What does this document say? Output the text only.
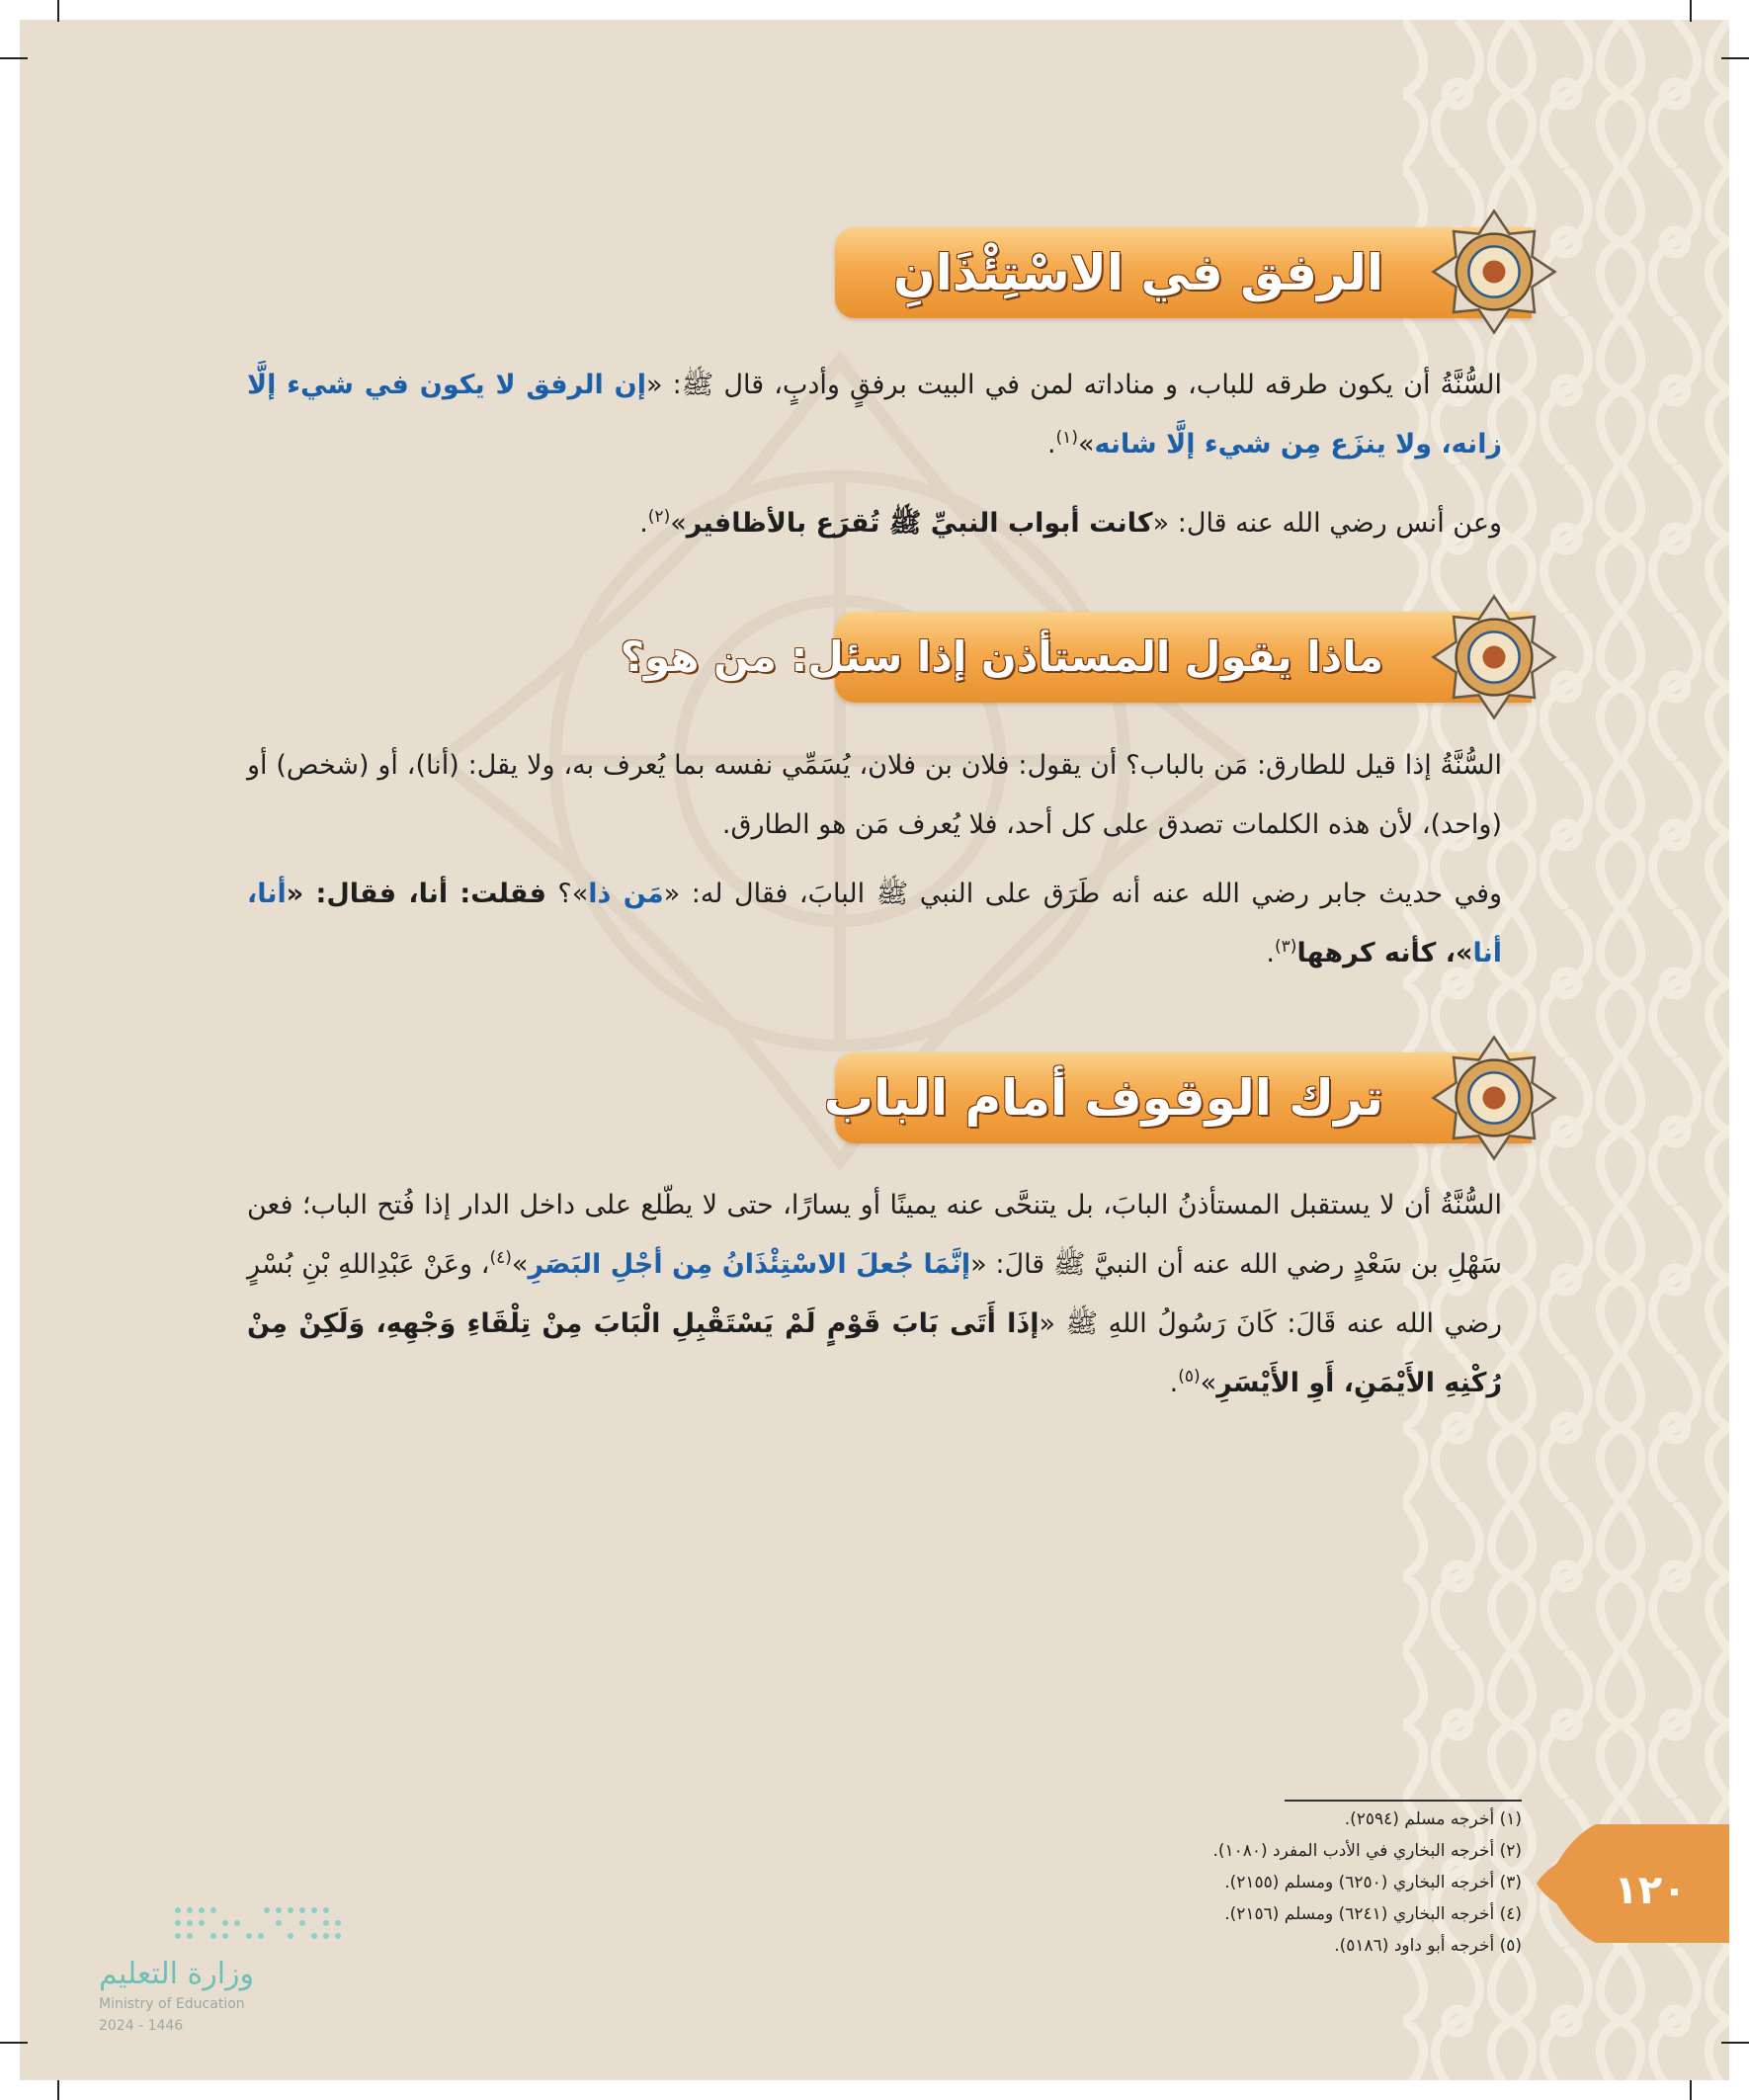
الرفق في الاسْتِئْذَانِ
السُّنَّةُ أن يكون طرقه للباب، و مناداته لمن في البيت برفقٍ وأدبٍ، قال ﷺ: «إن الرفق لا يكون في شيء إلَّا زانه، ولا ينزَع مِن شيء إلَّا شانه»$^{(١)}$.
وعن أنس رضي الله عنه قال: «كانت أبواب النبيِّ ﷺ تُقرَع بالأظافير»$^{(٢)}$.
ماذا يقول المستأذن إذا سئل: من هو؟
السُّنَّةُ إذا قيل للطارق: مَن بالباب؟ أن يقول: فلان بن فلان، يُسَمِّي نفسه بما يُعرف به، ولا يقل: (أنا)، أو (شخص) أو (واحد)، لأن هذه الكلمات تصدق على كل أحد، فلا يُعرف مَن هو الطارق.
وفي حديث جابر رضي الله عنه أنه طَرَق على النبي ﷺ البابَ، فقال له: «مَن ذا»؟ فقلت: أنا، فقال: «أنا، أنا»، كأنه كرهها$^{(٣)}$.
ترك الوقوف أمام الباب
السُّنَّةُ أن لا يستقبل المستأذنُ البابَ، بل يتنحَّى عنه يمينًا أو يسارًا، حتى لا يطّلع على داخل الدار إذا فُتح الباب؛ فعن سَهْلِ بن سَعْدٍ رضي الله عنه أن النبيَّ ﷺ قالَ: «إنَّمَا جُعلَ الاسْتِئْذَانُ مِن أجْلِ البَصَرِ»$^{(٤)}$، وعَنْ عَبْدِاللهِ بْنِ بُسْرٍ رضي الله عنه قَالَ: كَانَ رَسُولُ اللهِ ﷺ «إذَا أَتَى بَابَ قَوْمٍ لَمْ يَسْتَقْبِلِ الْبَابَ مِنْ تِلْقَاءِ وَجْهِهِ، وَلَكِنْ مِنْ رُكْنِهِ الأَيْمَنِ، أَوِ الأَيْسَرِ»$^{(٥)}$.
(١) أخرجه مسلم (٢٥٩٤).
(٢) أخرجه البخاري في الأدب المفرد (١٠٨٠).
(٣) أخرجه البخاري (٦٢٥٠) ومسلم (٢١٥٥).
(٤) أخرجه البخاري (٦٢٤١) ومسلم (٢١٥٦).
(٥) أخرجه أبو داود (٥١٨٦).
١٢٠
وزارة التعليم
Ministry of Education
2024 - 1446
